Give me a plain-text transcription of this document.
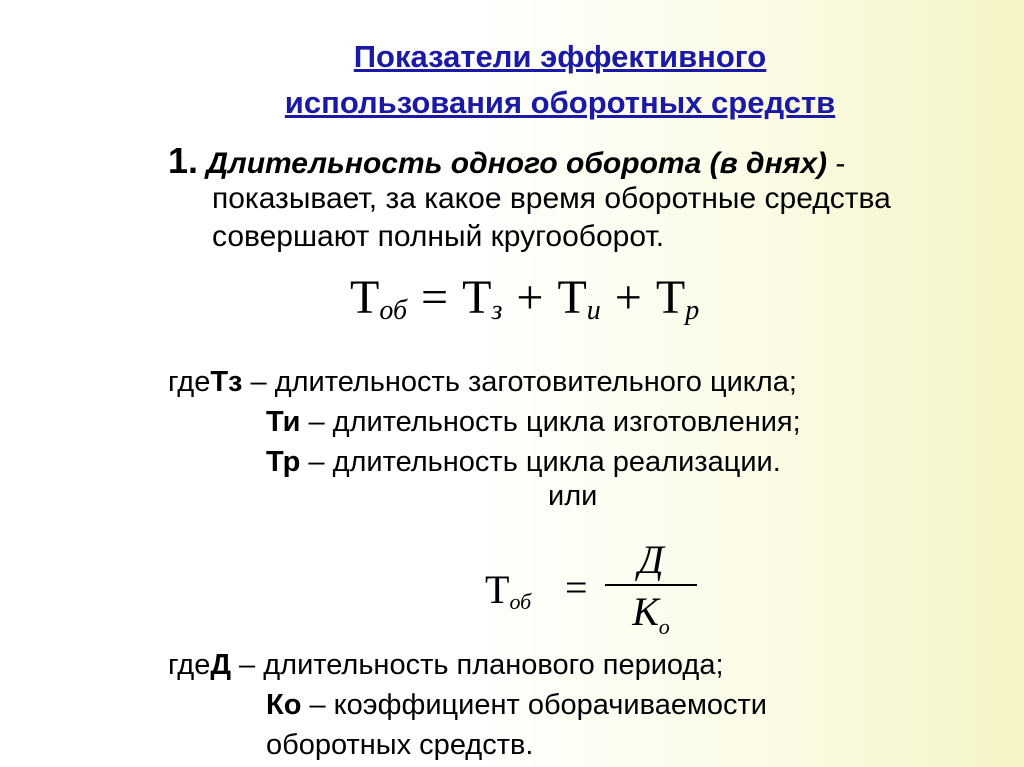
Показатели эффективного
использования оборотных средств
1. Длительность одного оборота (в днях) -
показывает, за какое время оборотные средства
совершают полный кругооборот.
$Т_{об} = Т_з + Т_и + Т_р$
гдеТз – длительность заготовительного цикла;
Ти – длительность цикла изготовления;
Тр – длительность цикла реализации.
или
$Т_{об}$ =
Д
$К_о$
гдеД – длительность планового периода;
Ко – коэффициент оборачиваемости
оборотных средств.
